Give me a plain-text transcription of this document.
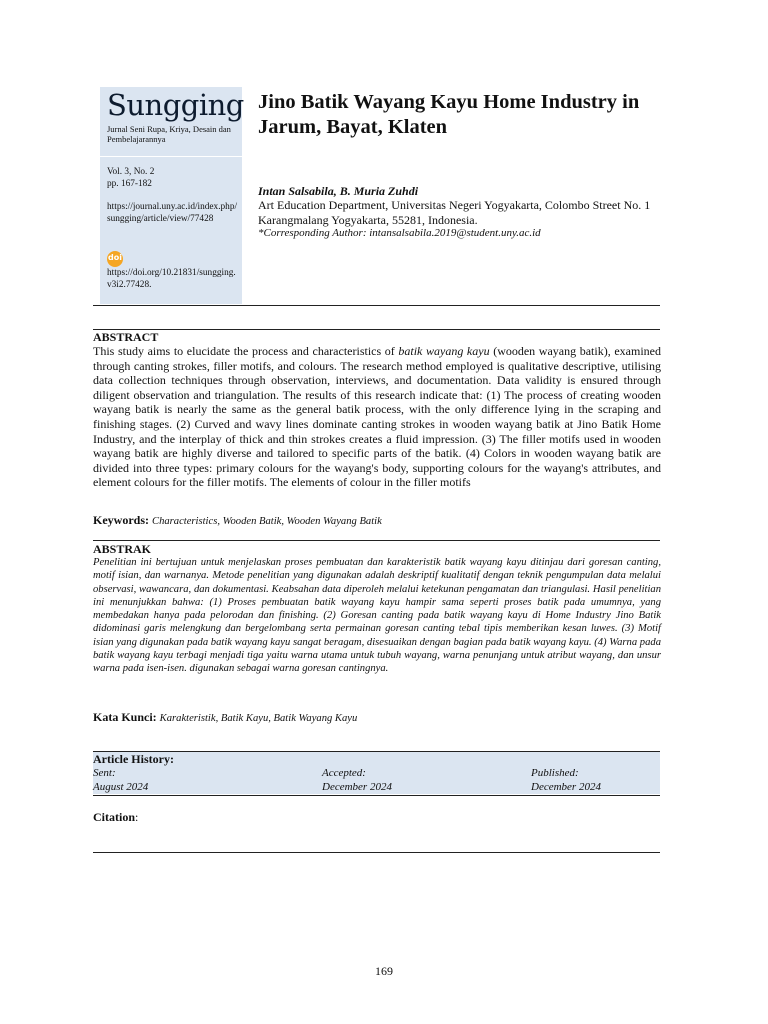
Sungging
Jurnal Seni Rupa, Kriya, Desain dan Pembelajarannya
Vol. 3, No. 2
pp. 167-182
https://journal.uny.ac.id/index.php/sungging/article/view/77428
doi
https://doi.org/10.21831/sungging.v3i2.77428.
Jino Batik Wayang Kayu Home Industry in Jarum, Bayat, Klaten
Intan Salsabila, B. Muria Zuhdi
Art Education Department, Universitas Negeri Yogyakarta, Colombo Street No. 1 Karangmalang Yogyakarta, 55281, Indonesia.
*Corresponding Author: intansalsabila.2019@student.uny.ac.id
ABSTRACT
This study aims to elucidate the process and characteristics of batik wayang kayu (wooden wayang batik), examined through canting strokes, filler motifs, and colours. The research method employed is qualitative descriptive, utilising data collection techniques through observation, interviews, and documentation. Data validity is ensured through diligent observation and triangulation. The results of this research indicate that: (1) The process of creating wooden wayang batik is nearly the same as the general batik process, with the only difference lying in the scraping and finishing stages. (2) Curved and wavy lines dominate canting strokes in wooden wayang batik at Jino Batik Home Industry, and the interplay of thick and thin strokes creates a fluid impression. (3) The filler motifs used in wooden wayang batik are highly diverse and tailored to specific parts of the batik. (4) Colors in wooden wayang batik are divided into three types: primary colours for the wayang's body, supporting colours for the wayang's attributes, and element colours for the filler motifs. The elements of colour in the filler motifs
Keywords: Characteristics, Wooden Batik, Wooden Wayang Batik
ABSTRAK
Penelitian ini bertujuan untuk menjelaskan proses pembuatan dan karakteristik batik wayang kayu ditinjau dari goresan canting, motif isian, dan warnanya. Metode penelitian yang digunakan adalah deskriptif kualitatif dengan teknik pengumpulan data melalui observasi, wawancara, dan dokumentasi. Keabsahan data diperoleh melalui ketekunan pengamatan dan triangulasi. Hasil penelitian ini menunjukkan bahwa: (1) Proses pembuatan batik wayang kayu hampir sama seperti proses batik pada umumnya, yang membedakan hanya pada pelorodan dan finishing. (2) Goresan canting pada batik wayang kayu di Home Industry Jino Batik didominasi garis melengkung dan bergelombang serta permainan goresan canting tebal tipis memberikan kesan luwes. (3) Motif isian yang digunakan pada batik wayang kayu sangat beragam, disesuaikan dengan bagian pada batik wayang kayu. (4) Warna pada batik wayang kayu terbagi menjadi tiga yaitu warna utama untuk tubuh wayang, warna penunjang untuk atribut wayang, dan unsur warna pada isen-isen. digunakan sebagai warna goresan cantingnya.
Kata Kunci: Karakteristik, Batik Kayu, Batik Wayang Kayu
Article History:
Sent:
August 2024
Accepted:
December 2024
Published:
December 2024
Citation:
169
